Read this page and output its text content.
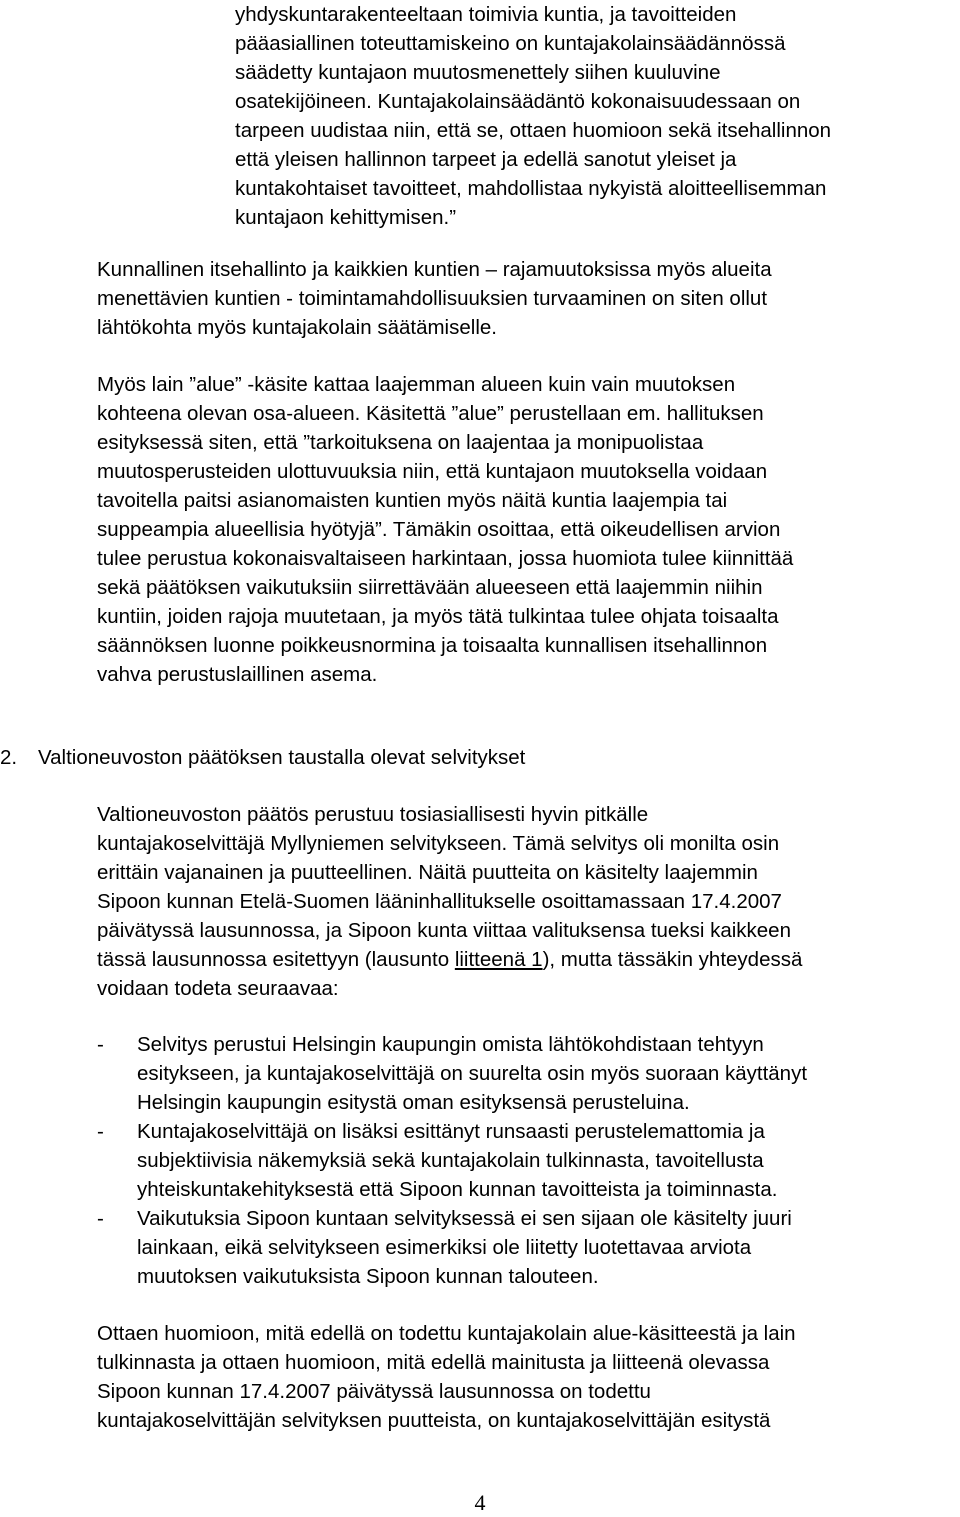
yhdyskuntarakenteeltaan toimivia kuntia, ja tavoitteiden
pääasiallinen toteuttamiskeino on kuntajakolainsäädännössä
säädetty kuntajaon muutosmenettely siihen kuuluvine
osatekijöineen. Kuntajakolainsäädäntö kokonaisuudessaan on
tarpeen uudistaa niin, että se, ottaen huomioon sekä itsehallinnon
että yleisen hallinnon tarpeet ja edellä sanotut yleiset ja
kuntakohtaiset tavoitteet, mahdollistaa nykyistä aloitteellisemman
kuntajaon kehittymisen.”
Kunnallinen itsehallinto ja kaikkien kuntien – rajamuutoksissa myös alueita
menettävien kuntien - toimintamahdollisuuksien turvaaminen on siten ollut
lähtökohta myös kuntajakolain säätämiselle.
Myös lain ”alue” -käsite kattaa laajemman alueen kuin vain muutoksen
kohteena olevan osa-alueen. Käsitettä ”alue” perustellaan em. hallituksen
esityksessä siten, että ”tarkoituksena on laajentaa ja monipuolistaa
muutosperusteiden ulottuvuuksia niin, että kuntajaon muutoksella voidaan
tavoitella paitsi asianomaisten kuntien myös näitä kuntia laajempia tai
suppeampia alueellisia hyötyjä”. Tämäkin osoittaa, että oikeudellisen arvion
tulee perustua kokonaisvaltaiseen harkintaan, jossa huomiota tulee kiinnittää
sekä päätöksen vaikutuksiin siirrettävään alueeseen että laajemmin niihin
kuntiin, joiden rajoja muutetaan, ja myös tätä tulkintaa tulee ohjata toisaalta
säännöksen luonne poikkeusnormina ja toisaalta kunnallisen itsehallinnon
vahva perustuslaillinen asema.
2. Valtioneuvoston päätöksen taustalla olevat selvitykset
Valtioneuvoston päätös perustuu tosiasiallisesti hyvin pitkälle
kuntajakoselvittäjä Myllyniemen selvitykseen. Tämä selvitys oli monilta osin
erittäin vajanainen ja puutteellinen. Näitä puutteita on käsitelty laajemmin
Sipoon kunnan Etelä-Suomen lääninhallitukselle osoittamassaan 17.4.2007
päivätyssä lausunnossa, ja Sipoon kunta viittaa valituksensa tueksi kaikkeen
tässä lausunnossa esitettyyn (lausunto liitteenä 1), mutta tässäkin yhteydessä
voidaan todeta seuraavaa:
- Selvitys perustui Helsingin kaupungin omista lähtökohdistaan tehtyyn
esitykseen, ja kuntajakoselvittäjä on suurelta osin myös suoraan käyttänyt
Helsingin kaupungin esitystä oman esityksensä perusteluina.
- Kuntajakoselvittäjä on lisäksi esittänyt runsaasti perustelemattomia ja
subjektiivisia näkemyksiä sekä kuntajakolain tulkinnasta, tavoitellusta
yhteiskuntakehityksestä että Sipoon kunnan tavoitteista ja toiminnasta.
- Vaikutuksia Sipoon kuntaan selvityksessä ei sen sijaan ole käsitelty juuri
lainkaan, eikä selvitykseen esimerkiksi ole liitetty luotettavaa arviota
muutoksen vaikutuksista Sipoon kunnan talouteen.
Ottaen huomioon, mitä edellä on todettu kuntajakolain alue-käsitteestä ja lain
tulkinnasta ja ottaen huomioon, mitä edellä mainitusta ja liitteenä olevassa
Sipoon kunnan 17.4.2007 päivätyssä lausunnossa on todettu
kuntajakoselvittäjän selvityksen puutteista, on kuntajakoselvittäjän esitystä
4
